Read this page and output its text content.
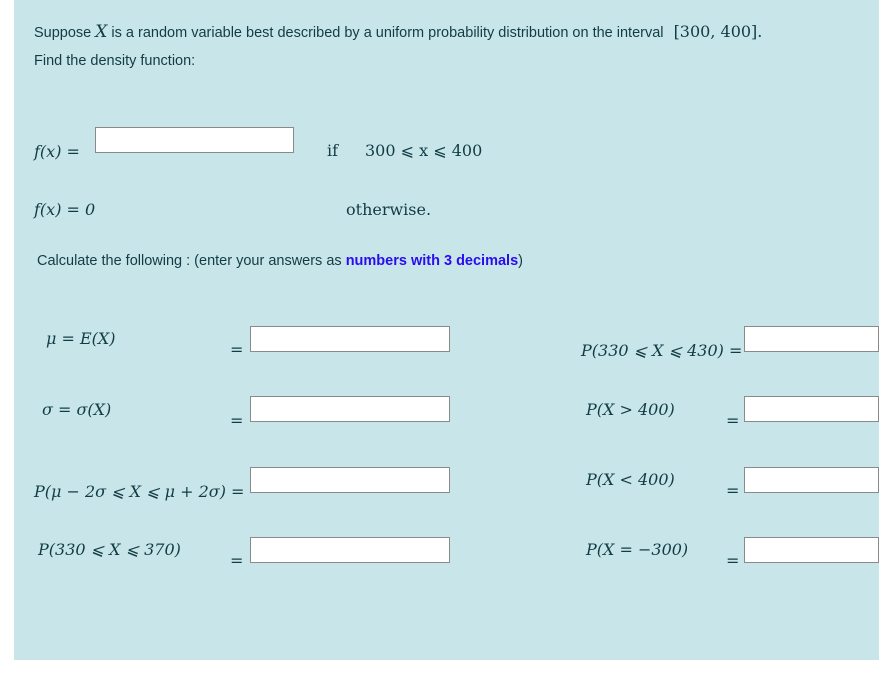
Suppose X is a random variable best described by a uniform probability distribution on the interval [300, 400].
Find the density function:
f(x) =	if 300 ⩽ x ⩽ 400
f(x) = 0	otherwise.
Calculate the following : (enter your answers as numbers with 3 decimals)
μ = E(X)
=
σ = σ(X)
=
P(μ − 2σ ⩽ X ⩽ μ + 2σ) =
P(330 ⩽ X ⩽ 370)
=
P(330 ⩽ X ⩽ 430) =
P(X > 400)
=
P(X < 400)
=
P(X = −300)
=
